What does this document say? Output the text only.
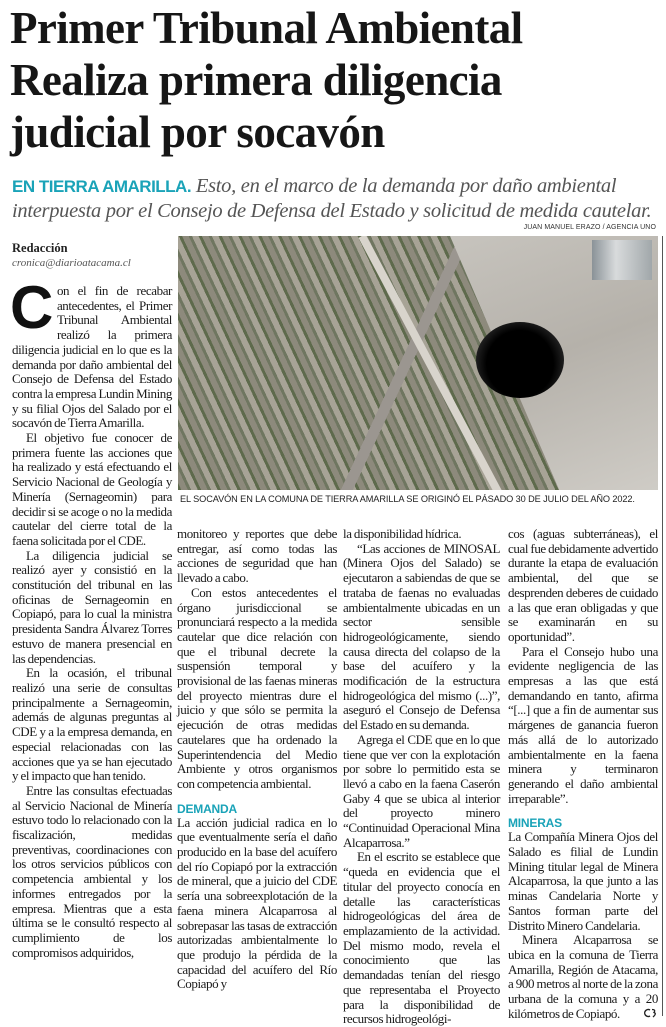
Primer Tribunal Ambiental
Realiza primera diligencia
judicial por socavón

EN TIERRA AMARILLA. Esto, en el marco de la demanda por daño ambiental interpuesta por el Consejo de Defensa del Estado y solicitud de medida cautelar.

JUAN MANUEL ERAZO / AGENCIA UNO
EL SOCAVÓN EN LA COMUNA DE TIERRA AMARILLA SE ORIGINÓ EL PÁSADO 30 DE JULIO DEL AÑO 2022.
Redacción
cronica@diarioatacama.cl

Con el fin de recabar antecedentes, el Primer Tribunal Ambiental realizó la primera diligencia judicial en lo que es la demanda por daño ambiental del Consejo de Defensa del Estado contra la empresa Lundin Mining y su filial Ojos del Salado por el socavón de Tierra Amarilla.

El objetivo fue conocer de primera fuente las acciones que ha realizado y está efectuando el Servicio Nacional de Geología y Minería (Sernageomin) para decidir si se acoge o no la medida cautelar del cierre total de la faena solicitada por el CDE.

La diligencia judicial se realizó ayer y consistió en la constitución del tribunal en las oficinas de Sernageomin en Copiapó, para lo cual la ministra presidenta Sandra Álvarez Torres estuvo de manera presencial en las dependencias.

En la ocasión, el tribunal realizó una serie de consultas principalmente a Sernageomin, además de algunas preguntas al CDE y a la empresa demanda, en especial relacionadas con las acciones que ya se han ejecutado y el impacto que han tenido.

Entre las consultas efectuadas al Servicio Nacional de Minería estuvo todo lo relacionado con la fiscalización, medidas preventivas, coordinaciones con los otros servicios públicos con competencia ambiental y los informes entregados por la empresa. Mientras que a esta última se le consultó respecto al cumplimiento de los compromisos adquiridos,

monitoreo y reportes que debe entregar, así como todas las acciones de seguridad que han llevado a cabo.

Con estos antecedentes el órgano jurisdiccional se pronunciará respecto a la medida cautelar que dice relación con que el tribunal decrete la suspensión temporal y provisional de las faenas mineras del proyecto mientras dure el juicio y que sólo se permita la ejecución de otras medidas cautelares que ha ordenado la Superintendencia del Medio Ambiente y otros organismos con competencia ambiental.

DEMANDA

La acción judicial radica en lo que eventualmente sería el daño producido en la base del acuífero del río Copiapó por la extracción de mineral, que a juicio del CDE sería una sobreexplotación de la faena minera Alcaparrosa al sobrepasar las tasas de extracción autorizadas ambientalmente lo que produjo la pérdida de la capacidad del acuífero del Río Copiapó y

la disponibilidad hídrica.

“Las acciones de MINOSAL (Minera Ojos del Salado) se ejecutaron a sabiendas de que se trataba de faenas no evaluadas ambientalmente ubicadas en un sector sensible hidrogeológicamente, siendo causa directa del colapso de la base del acuífero y la modificación de la estructura hidrogeológica del mismo (...)”, aseguró el Consejo de Defensa del Estado en su demanda.

Agrega el CDE que en lo que tiene que ver con la explotación por sobre lo permitido esta se llevó a cabo en la faena Caserón Gaby 4 que se ubica al interior del proyecto minero “Continuidad Operacional Mina Alcaparrosa.”

En el escrito se establece que “queda en evidencia que el titular del proyecto conocía en detalle las características hidrogeológicas del área de emplazamiento de la actividad. Del mismo modo, revela el conocimiento que las demandadas tenían del riesgo que representaba el Proyecto para la disponibilidad de recursos hidrogeológi-

cos (aguas subterráneas), el cual fue debidamente advertido durante la etapa de evaluación ambiental, del que se desprenden deberes de cuidado a las que eran obligadas y que se examinarán en su oportunidad”.

Para el Consejo hubo una evidente negligencia de las empresas a las que está demandando en tanto, afirma “[...] que a fin de aumentar sus márgenes de ganancia fueron más allá de lo autorizado ambientalmente en la faena minera y terminaron generando el daño ambiental irreparable”.

MINERAS

La Compañía Minera Ojos del Salado es filial de Lundin Mining titular legal de Minera Alcaparrosa, la que junto a las minas Candelaria Norte y Santos forman parte del Distrito Minero Candelaria.

Minera Alcaparrosa se ubica en la comuna de Tierra Amarilla, Región de Atacama, a 900 metros al norte de la zona urbana de la comuna y a 20 kilómetros de Copiapó.
